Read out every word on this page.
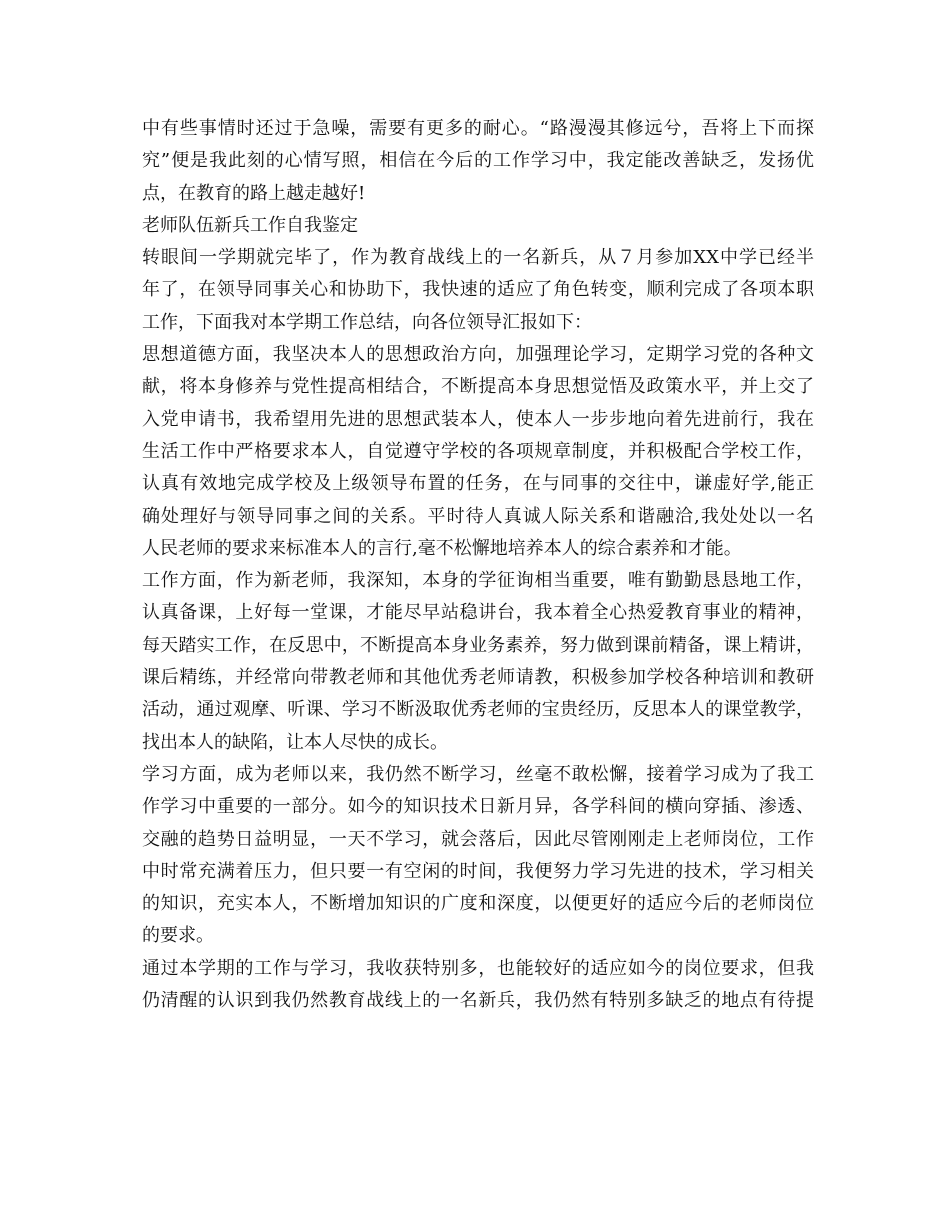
中有些事情时还过于急噪，需要有更多的耐心。“路漫漫其修远兮，吾将上下而探
究”便是我此刻的心情写照，相信在今后的工作学习中，我定能改善缺乏，发扬优
点，在教育的路上越走越好!
老师队伍新兵工作自我鉴定
转眼间一学期就完毕了，作为教育战线上的一名新兵，从７月参加XX中学已经半
年了，在领导同事关心和协助下，我快速的适应了角色转变，顺利完成了各项本职
工作，下面我对本学期工作总结，向各位领导汇报如下：
思想道德方面，我坚决本人的思想政治方向，加强理论学习，定期学习党的各种文
献，将本身修养与党性提高相结合，不断提高本身思想觉悟及政策水平，并上交了
入党申请书，我希望用先进的思想武装本人，使本人一步步地向着先进前行，我在
生活工作中严格要求本人，自觉遵守学校的各项规章制度，并积极配合学校工作，
认真有效地完成学校及上级领导布置的任务，在与同事的交往中，谦虚好学,能正
确处理好与领导同事之间的关系。平时待人真诚人际关系和谐融洽,我处处以一名
人民老师的要求来标准本人的言行,毫不松懈地培养本人的综合素养和才能。
工作方面，作为新老师，我深知，本身的学征询相当重要，唯有勤勤恳恳地工作，
认真备课，上好每一堂课，才能尽早站稳讲台，我本着全心热爱教育事业的精神，
每天踏实工作，在反思中，不断提高本身业务素养，努力做到课前精备，课上精讲，
课后精练，并经常向带教老师和其他优秀老师请教，积极参加学校各种培训和教研
活动，通过观摩、听课、学习不断汲取优秀老师的宝贵经历，反思本人的课堂教学，
找出本人的缺陷，让本人尽快的成长。
学习方面，成为老师以来，我仍然不断学习，丝毫不敢松懈，接着学习成为了我工
作学习中重要的一部分。如今的知识技术日新月异，各学科间的横向穿插、渗透、
交融的趋势日益明显，一天不学习，就会落后，因此尽管刚刚走上老师岗位，工作
中时常充满着压力，但只要一有空闲的时间，我便努力学习先进的技术，学习相关
的知识，充实本人，不断增加知识的广度和深度，以便更好的适应今后的老师岗位
的要求。
通过本学期的工作与学习，我收获特别多，也能较好的适应如今的岗位要求，但我
仍清醒的认识到我仍然教育战线上的一名新兵，我仍然有特别多缺乏的地点有待提
